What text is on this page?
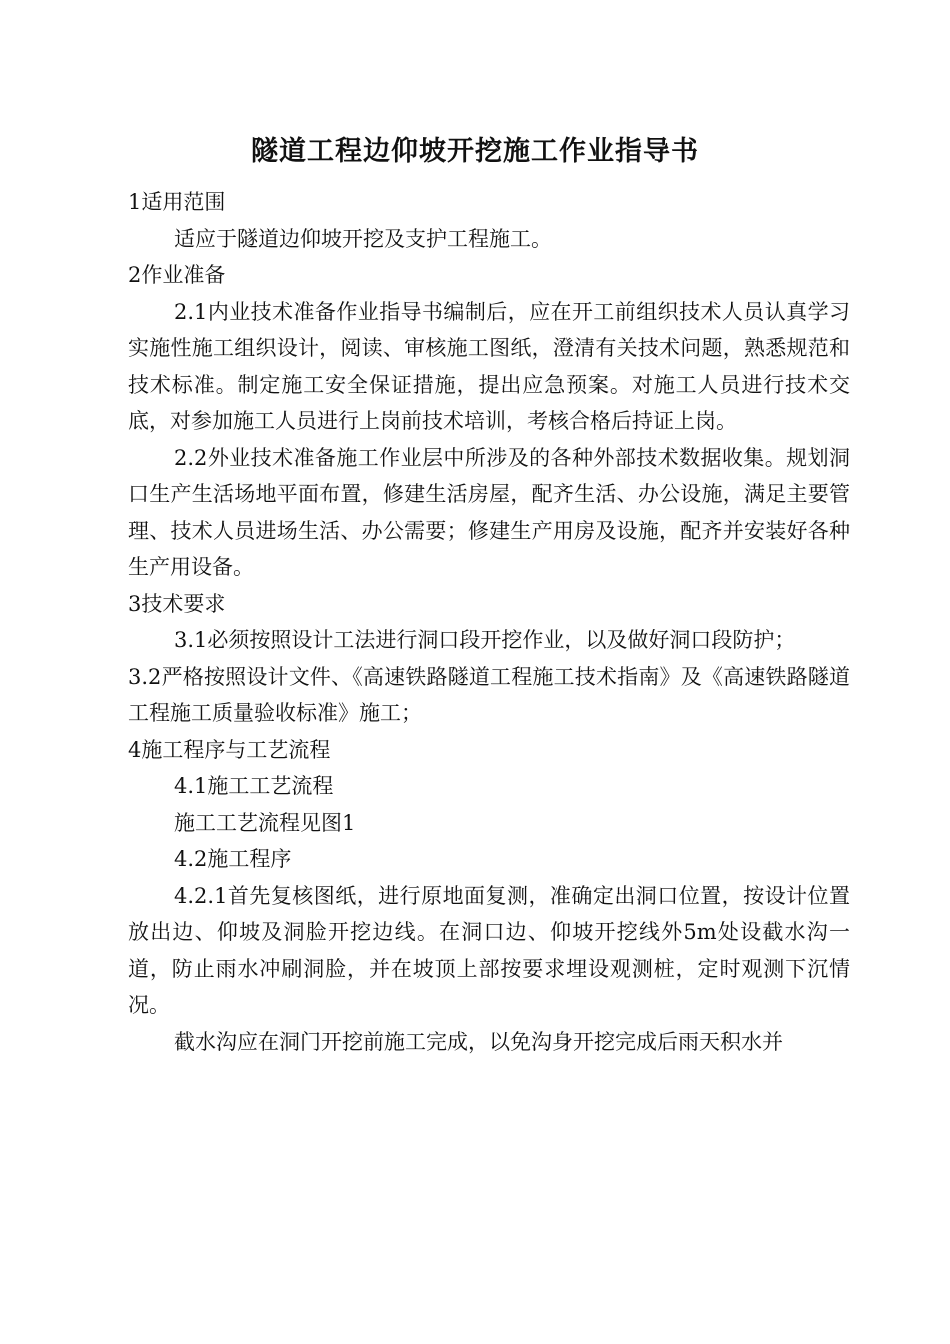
隧道工程边仰坡开挖施工作业指导书

1适用范围

适应于隧道边仰坡开挖及支护工程施工。

2作业准备

2.1内业技术准备作业指导书编制后，应在开工前组织技术人员认真学习实施性施工组织设计，阅读、审核施工图纸，澄清有关技术问题，熟悉规范和技术标准。制定施工安全保证措施，提出应急预案。对施工人员进行技术交底，对参加施工人员进行上岗前技术培训，考核合格后持证上岗。

2.2外业技术准备施工作业层中所涉及的各种外部技术数据收集。规划洞口生产生活场地平面布置，修建生活房屋，配齐生活、办公设施，满足主要管理、技术人员进场生活、办公需要；修建生产用房及设施，配齐并安装好各种生产用设备。

3技术要求

3.1必须按照设计工法进行洞口段开挖作业，以及做好洞口段防护；

3.2严格按照设计文件、《高速铁路隧道工程施工技术指南》及《高速铁路隧道工程施工质量验收标准》施工；

4施工程序与工艺流程

4.1施工工艺流程

施工工艺流程见图1

4.2施工程序

4.2.1首先复核图纸，进行原地面复测，准确定出洞口位置，按设计位置放出边、仰坡及洞脸开挖边线。在洞口边、仰坡开挖线外5m处设截水沟一道，防止雨水冲刷洞脸，并在坡顶上部按要求埋设观测桩，定时观测下沉情况。

截水沟应在洞门开挖前施工完成，以免沟身开挖完成后雨天积水并
